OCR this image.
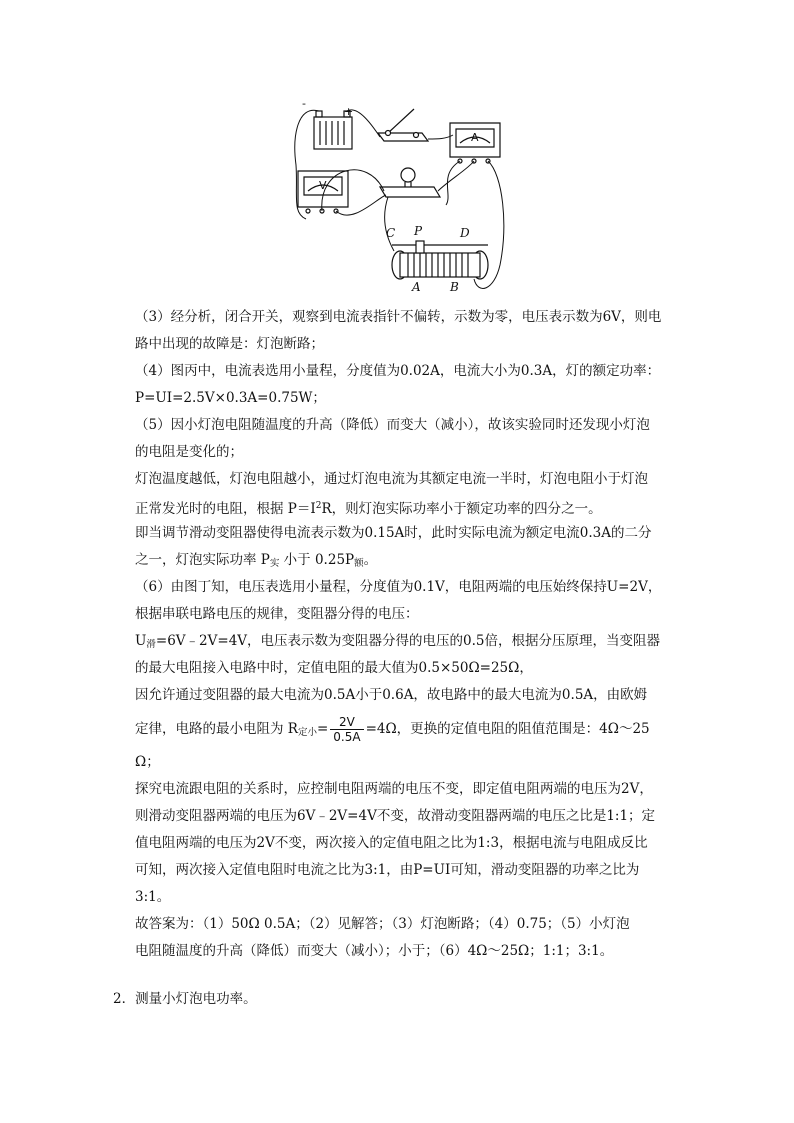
-
+
A
V
C P	D
A B
（3）经分析，闭合开关，观察到电流表指针不偏转，示数为零，电压表示数为6V，则电
路中出现的故障是：灯泡断路；
（4）图丙中，电流表选用小量程，分度值为0.02A，电流大小为0.3A，灯的额定功率：
P=UI=2.5V×0.3A=0.75W；
（5）因小灯泡电阻随温度的升高（降低）而变大（减小），故该实验同时还发现小灯泡
的电阻是变化的；
灯泡温度越低，灯泡电阻越小，通过灯泡电流为其额定电流一半时，灯泡电阻小于灯泡
正常发光时的电阻，根据 $P=I^2R$，则灯泡实际功率小于额定功率的四分之一。
即当调节滑动变阻器使得电流表示数为0.15A时，此时实际电流为额定电流0.3A的二分
之一，灯泡实际功率 $P_实$ 小于 $0.25P_额$。
（6）由图丁知，电压表选用小量程，分度值为0.1V，电阻两端的电压始终保持U=2V，
根据串联电路电压的规律，变阻器分得的电压：
$U_滑=6V﹣2V=4V$，电压表示数为变阻器分得的电压的0.5倍，根据分压原理，当变阻器
的最大电阻接入电路中时，定值电阻的最大值为0.5×50Ω=25Ω，
因允许通过变阻器的最大电流为0.5A小于0.6A，故电路中的最大电流为0.5A，由欧姆
定律，电路的最小电阻为 $R_{定小}= \frac{2V}{0.5A} =4\Omega$，更换的定值电阻的阻值范围是：4Ω～25
Ω；
探究电流跟电阻的关系时，应控制电阻两端的电压不变，即定值电阻两端的电压为2V，
则滑动变阻器两端的电压为6V﹣2V=4V不变，故滑动变阻器两端的电压之比是1:1；定
值电阻两端的电压为2V不变，两次接入的定值电阻之比为1:3，根据电流与电阻成反比
可知，两次接入定值电阻时电流之比为3:1，由P=UI可知，滑动变阻器的功率之比为
3:1。
故答案为：（1）50Ω 0.5A；（2）见解答；（3）灯泡断路；（4）0.75；（5）小灯泡
电阻随温度的升高（降低）而变大（减小）；小于；（6）4Ω～25Ω；1:1；3:1。
2．测量小灯泡电功率。
